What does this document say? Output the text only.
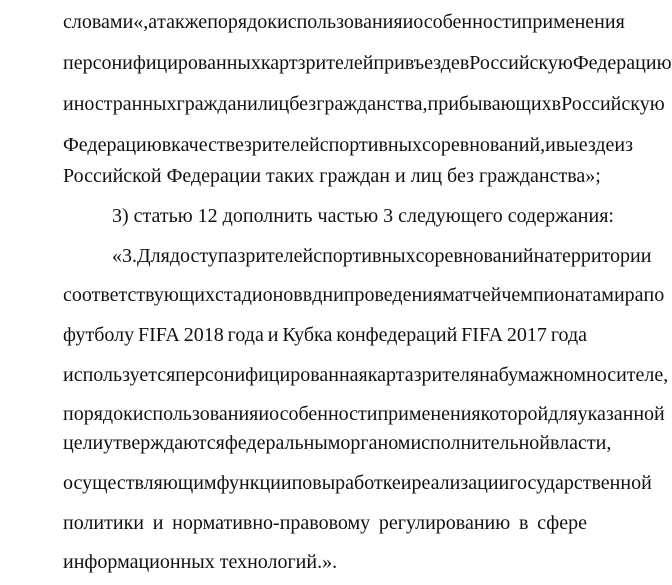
словами «, а также порядок использования и особенности применения
персонифицированных карт зрителей при въезде в Российскую Федерацию
иностранных граждан и лиц без гражданства, прибывающих в Российскую
Федерацию в качестве зрителей спортивных соревнований, и выезде из
Российской Федерации таких граждан и лиц без гражданства»;
3) статью 12 дополнить частью 3 следующего содержания:
«3. Для доступа зрителей спортивных соревнований на территории
соответствующих стадионов в дни проведения матчей чемпионата мира по
футболу FIFA 2018 года и Кубка конфедераций FIFA 2017 года
используется персонифицированная карта зрителя на бумажном носителе,
порядок использования и особенности применения которой для указанной
цели утверждаются федеральным органом исполнительной власти,
осуществляющим функции по выработке и реализации государственной
политики и нормативно-правовому регулированию в сфере
информационных технологий.».
